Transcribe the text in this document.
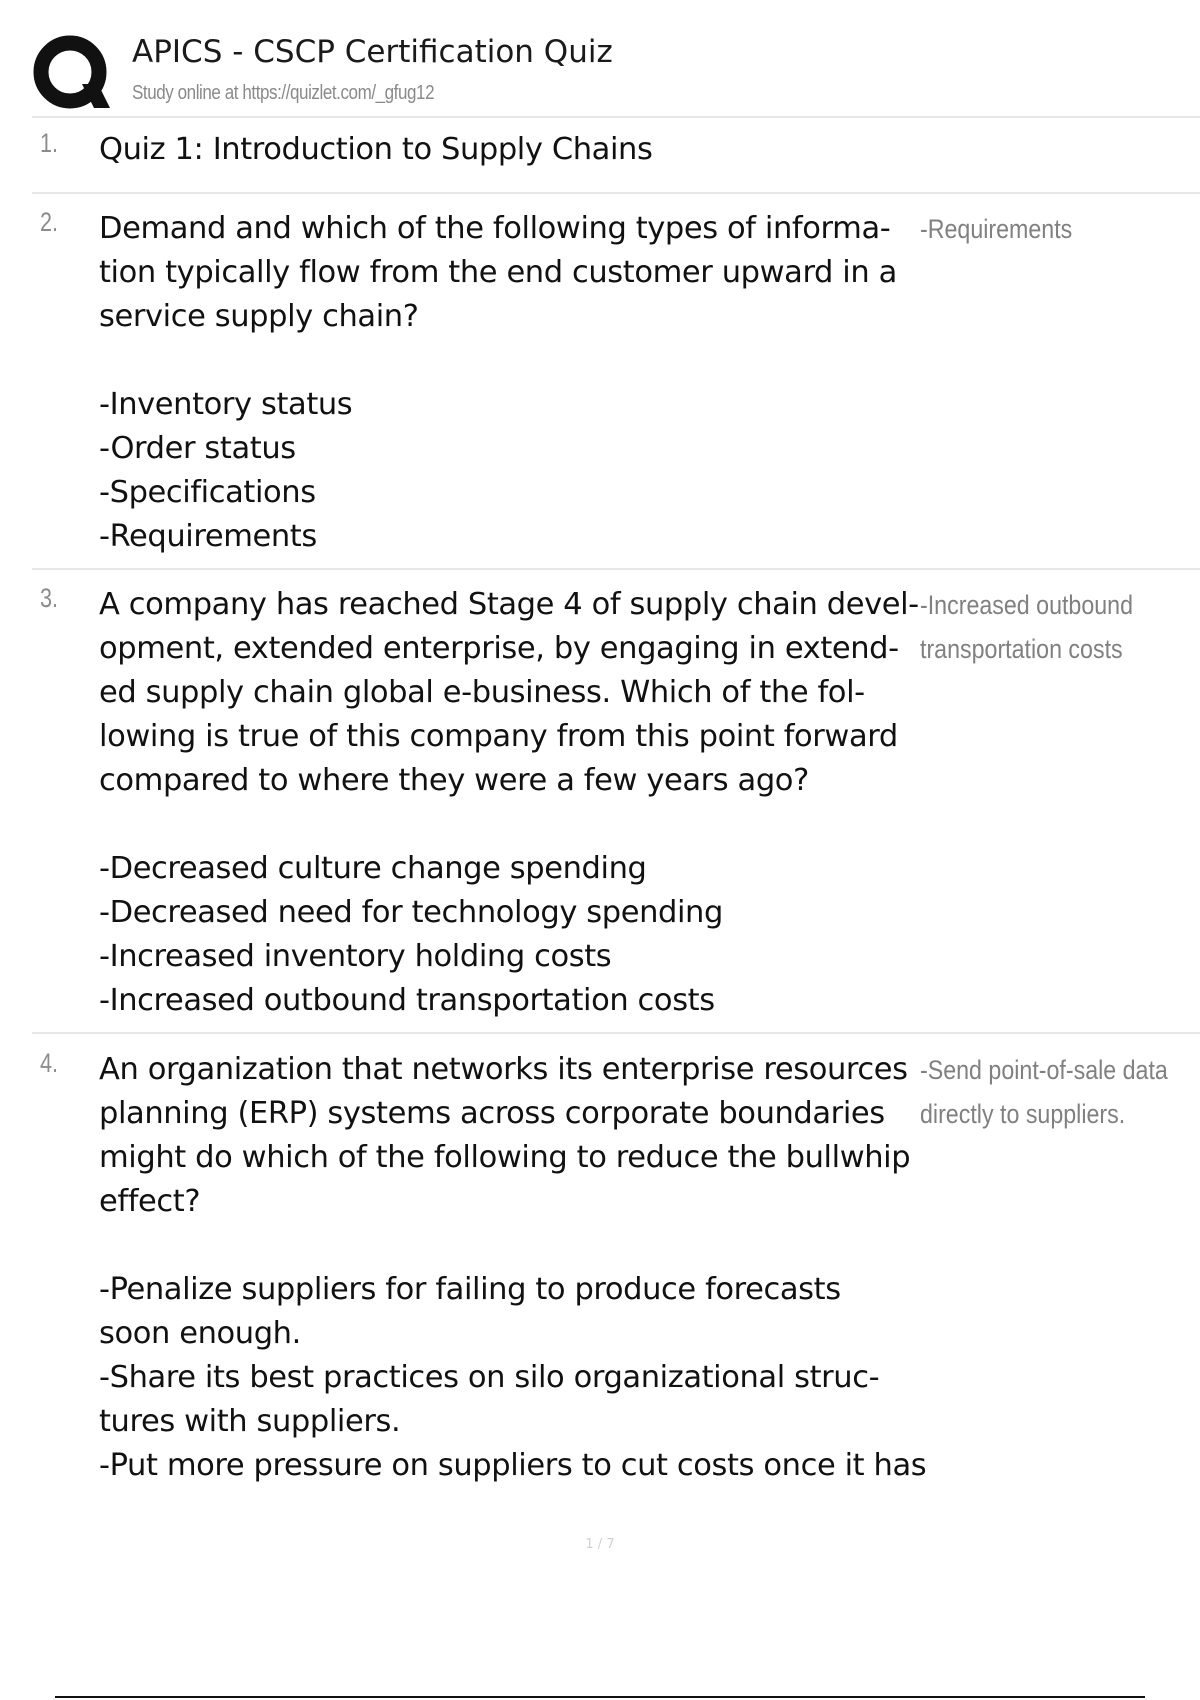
APICS - CSCP Certification Quiz
Study online at https://quizlet.com/_gfug12
1. Quiz 1: Introduction to Supply Chains
2. Demand and which of the following types of informa-
tion typically flow from the end customer upward in a
service supply chain?

-Inventory status
-Order status
-Specifications
-Requirements
-Requirements
3. A company has reached Stage 4 of supply chain devel-
opment, extended enterprise, by engaging in extend-
ed supply chain global e-business. Which of the fol-
lowing is true of this company from this point forward
compared to where they were a few years ago?

-Decreased culture change spending
-Decreased need for technology spending
-Increased inventory holding costs
-Increased outbound transportation costs
-Increased outbound
transportation costs
4. An organization that networks its enterprise resources
planning (ERP) systems across corporate boundaries
might do which of the following to reduce the bullwhip
effect?

-Penalize suppliers for failing to produce forecasts
soon enough.
-Share its best practices on silo organizational struc-
tures with suppliers.
-Put more pressure on suppliers to cut costs once it has
-Send point-of-sale data
directly to suppliers.
1 / 7
